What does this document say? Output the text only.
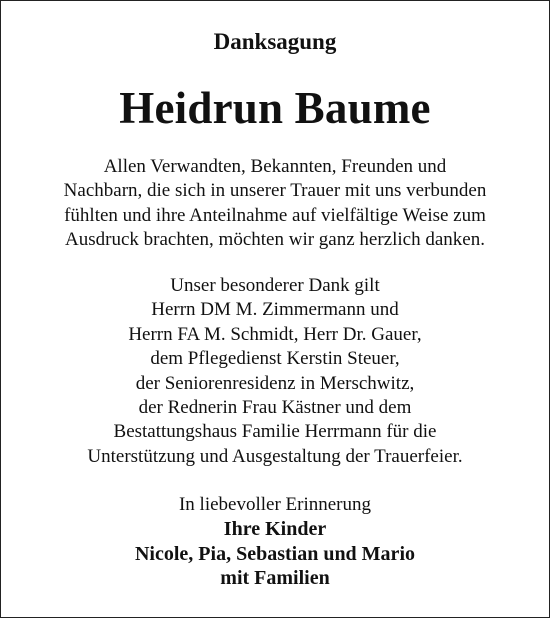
Danksagung
Heidrun Baume

Allen Verwandten, Bekannten, Freunden und
Nachbarn, die sich in unserer Trauer mit uns verbunden
fühlten und ihre Anteilnahme auf vielfältige Weise zum
Ausdruck brachten, möchten wir ganz herzlich danken.

Unser besonderer Dank gilt
Herrn DM M. Zimmermann und
Herrn FA M. Schmidt, Herr Dr. Gauer,
dem Pflegedienst Kerstin Steuer,
der Seniorenresidenz in Merschwitz,
der Rednerin Frau Kästner und dem
Bestattungshaus Familie Herrmann für die
Unterstützung und Ausgestaltung der Trauerfeier.

In liebevoller Erinnerung
Ihre Kinder
Nicole, Pia, Sebastian und Mario
mit Familien
